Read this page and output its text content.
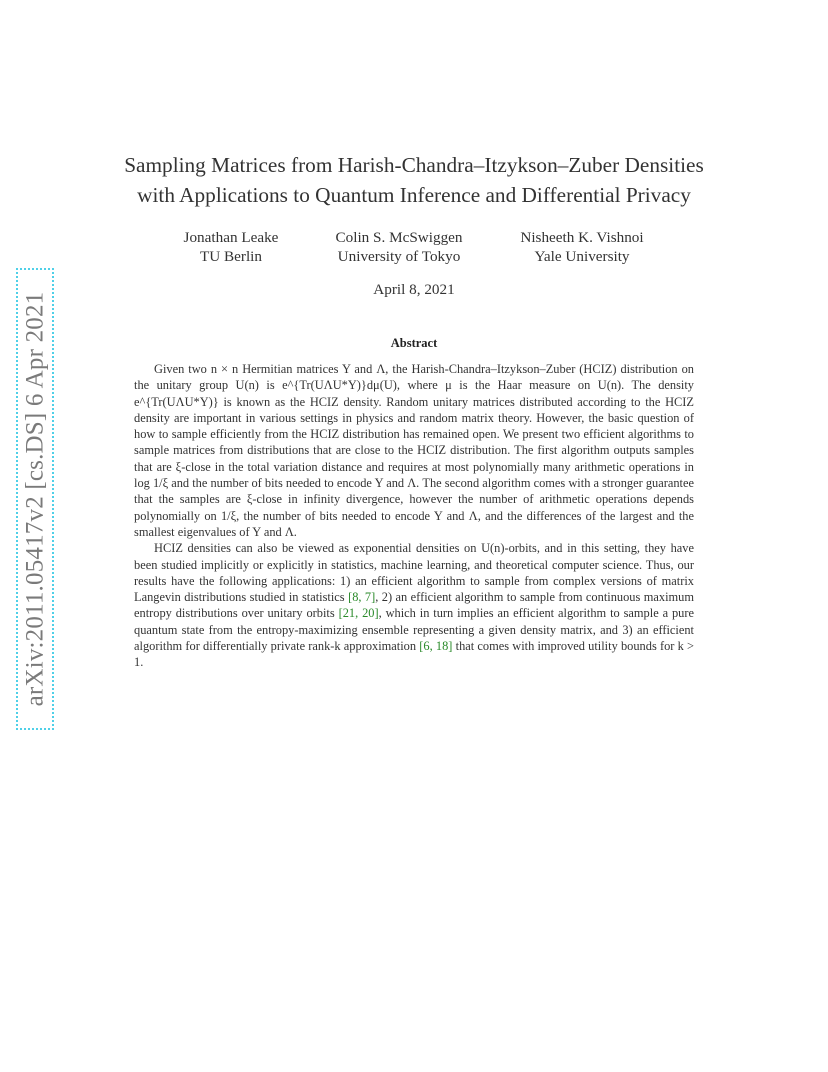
arXiv:2011.05417v2 [cs.DS] 6 Apr 2021
Sampling Matrices from Harish-Chandra–Itzykson–Zuber Densities
with Applications to Quantum Inference and Differential Privacy
Jonathan Leake
TU Berlin
Colin S. McSwiggen
University of Tokyo
Nisheeth K. Vishnoi
Yale University
April 8, 2021
Abstract

Given two n × n Hermitian matrices Y and Λ, the Harish-Chandra–Itzykson–Zuber (HCIZ) distribution on the unitary group U(n) is e^{Tr(UΛU*Y)}dμ(U), where μ is the Haar measure on U(n). The density e^{Tr(UΛU*Y)} is known as the HCIZ density. Random unitary matrices distributed according to the HCIZ density are important in various settings in physics and random matrix theory. However, the basic question of how to sample efficiently from the HCIZ distribution has remained open. We present two efficient algorithms to sample matrices from distributions that are close to the HCIZ distribution. The first algorithm outputs samples that are ξ-close in the total variation distance and requires at most polynomially many arithmetic operations in log 1/ξ and the number of bits needed to encode Y and Λ. The second algorithm comes with a stronger guarantee that the samples are ξ-close in infinity divergence, however the number of arithmetic operations depends polynomially on 1/ξ, the number of bits needed to encode Y and Λ, and the differences of the largest and the smallest eigenvalues of Y and Λ.

HCIZ densities can also be viewed as exponential densities on U(n)-orbits, and in this setting, they have been studied implicitly or explicitly in statistics, machine learning, and theoretical computer science. Thus, our results have the following applications: 1) an efficient algorithm to sample from complex versions of matrix Langevin distributions studied in statistics [8, 7], 2) an efficient algorithm to sample from continuous maximum entropy distributions over unitary orbits [21, 20], which in turn implies an efficient algorithm to sample a pure quantum state from the entropy-maximizing ensemble representing a given density matrix, and 3) an efficient algorithm for differentially private rank-k approximation [6, 18] that comes with improved utility bounds for k > 1.
